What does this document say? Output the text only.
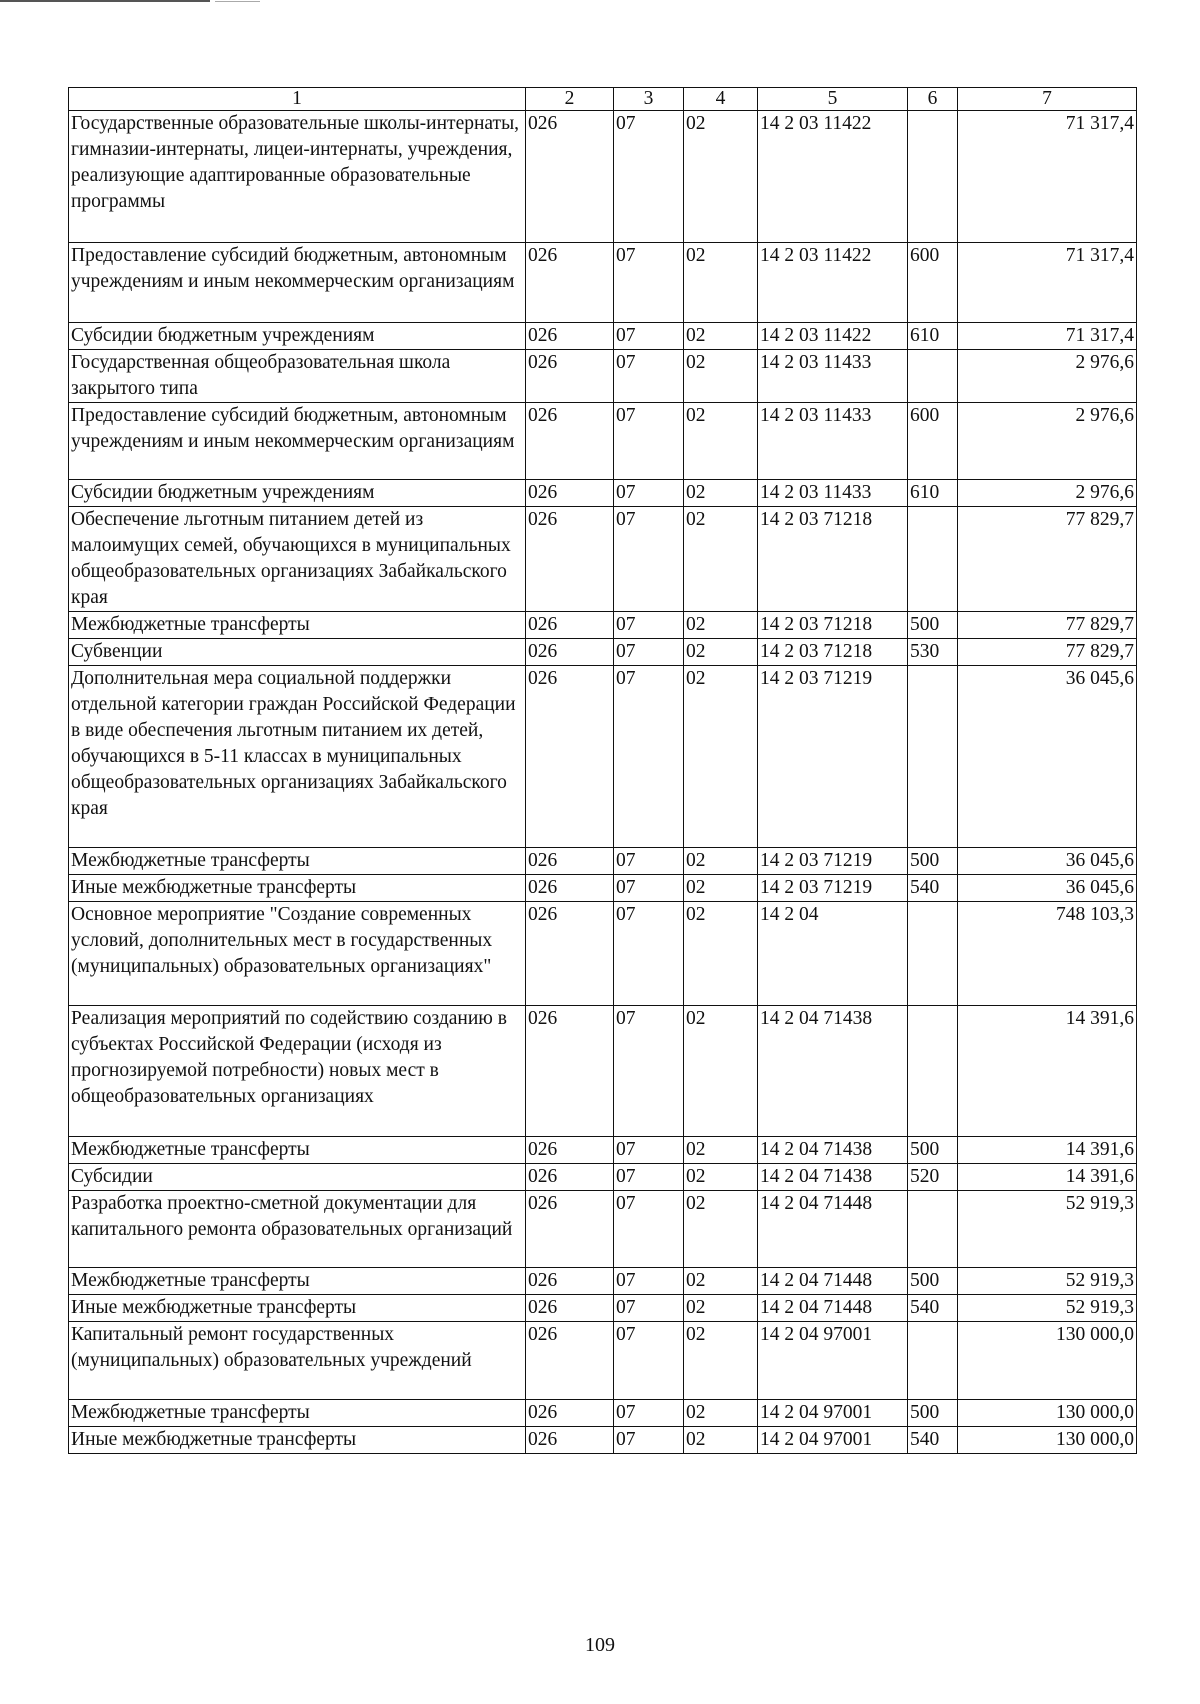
1	2	3	4	5	6	7
Государственные образовательные школы-интернаты, гимназии-интернаты, лицеи-интернаты, учреждения, реализующие адаптированные образовательные программы	026	07	02	14 2 03 11422		71 317,4
Предоставление субсидий бюджетным, автономным учреждениям и иным некоммерческим организациям	026	07	02	14 2 03 11422	600	71 317,4
Субсидии бюджетным учреждениям	026	07	02	14 2 03 11422	610	71 317,4
Государственная общеобразовательная школа закрытого типа	026	07	02	14 2 03 11433		2 976,6
Предоставление субсидий бюджетным, автономным учреждениям и иным некоммерческим организациям	026	07	02	14 2 03 11433	600	2 976,6
Субсидии бюджетным учреждениям	026	07	02	14 2 03 11433	610	2 976,6
Обеспечение льготным питанием детей из малоимущих семей, обучающихся в муниципальных общеобразовательных организациях Забайкальского края	026	07	02	14 2 03 71218		77 829,7
Межбюджетные трансферты	026	07	02	14 2 03 71218	500	77 829,7
Субвенции	026	07	02	14 2 03 71218	530	77 829,7
Дополнительная мера социальной поддержки отдельной категории граждан Российской Федерации в виде обеспечения льготным питанием их детей, обучающихся в 5-11 классах в муниципальных общеобразовательных организациях Забайкальского края	026	07	02	14 2 03 71219		36 045,6
Межбюджетные трансферты	026	07	02	14 2 03 71219	500	36 045,6
Иные межбюджетные трансферты	026	07	02	14 2 03 71219	540	36 045,6
Основное мероприятие "Создание современных условий, дополнительных мест в государственных (муниципальных) образовательных организациях"	026	07	02	14 2 04		748 103,3
Реализация мероприятий по содействию созданию в субъектах Российской Федерации (исходя из прогнозируемой потребности) новых мест в общеобразовательных организациях	026	07	02	14 2 04 71438		14 391,6
Межбюджетные трансферты	026	07	02	14 2 04 71438	500	14 391,6
Субсидии	026	07	02	14 2 04 71438	520	14 391,6
Разработка проектно-сметной документации для капитального ремонта образовательных организаций	026	07	02	14 2 04 71448		52 919,3
Межбюджетные трансферты	026	07	02	14 2 04 71448	500	52 919,3
Иные межбюджетные трансферты	026	07	02	14 2 04 71448	540	52 919,3
Капитальный ремонт государственных (муниципальных) образовательных учреждений	026	07	02	14 2 04 97001		130 000,0
Межбюджетные трансферты	026	07	02	14 2 04 97001	500	130 000,0
Иные межбюджетные трансферты	026	07	02	14 2 04 97001	540	130 000,0
109
